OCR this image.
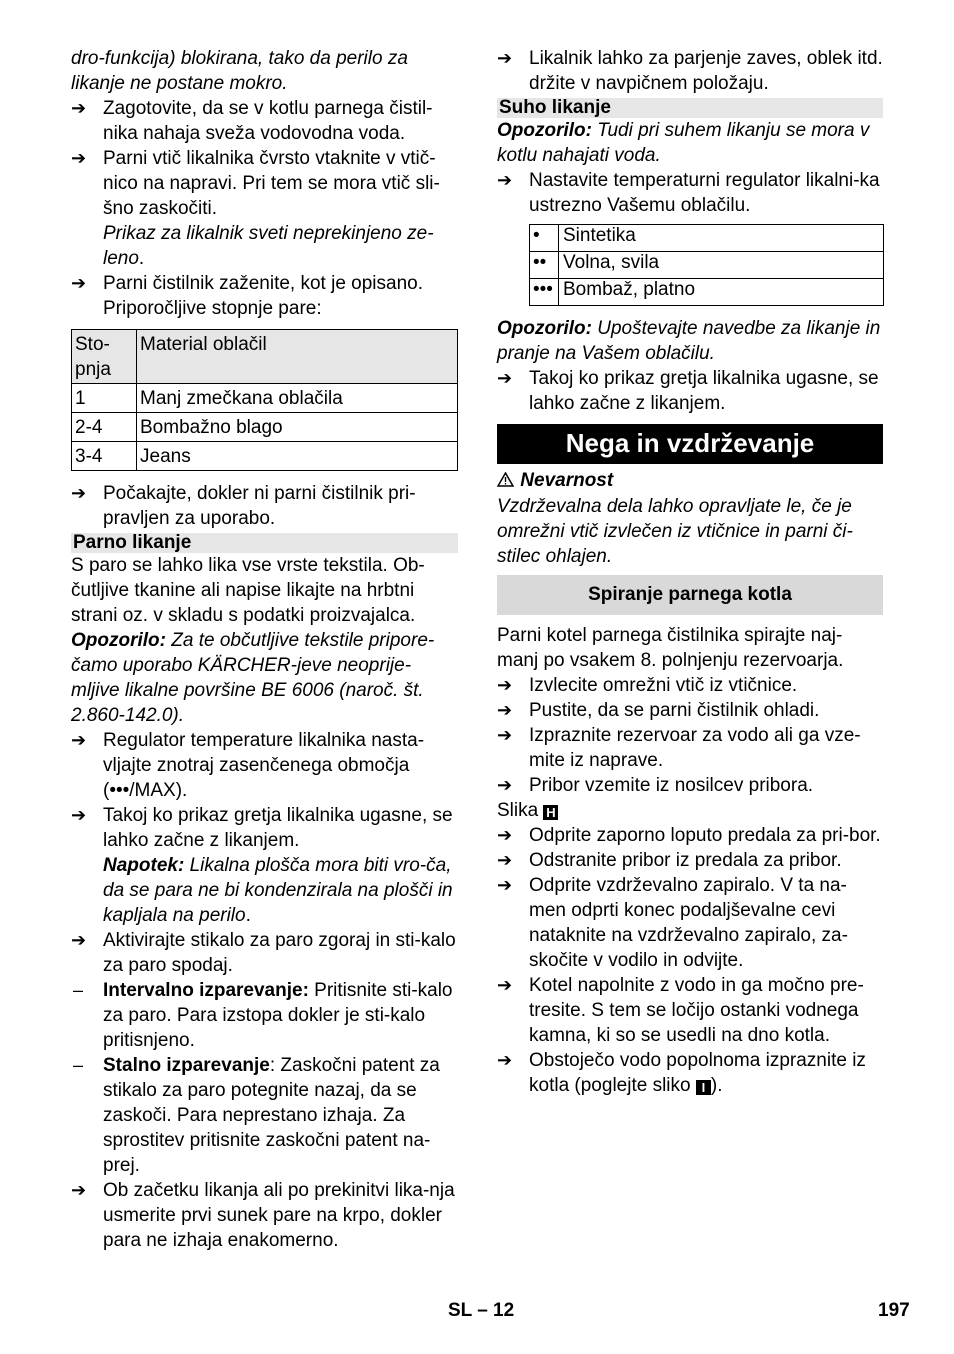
dro-funkcija) blokirana, tako da perilo za likanje ne postane mokro.

➔ Zagotovite, da se v kotlu parnega čistil-nika nahaja sveža vodovodna voda.
➔ Parni vtič likalnika čvrsto vtaknite v vtič-nico na napravi. Pri tem se mora vtič sli-šno zaskočiti.

Prikaz za likalnik sveti neprekinjeno ze-leno.

➔ Parni čistilnik zaženite, kot je opisano. Priporočljive stopnje pare:
Sto-pnja	Material oblačil
1	Manj zmečkana oblačila
2-4	Bombažno blago
3-4	Jeans
➔ Počakajte, dokler ni parni čistilnik pri-pravljen za uporabo.
Parno likanje

S paro se lahko lika vse vrste tekstila. Ob-čutljive tkanine ali napise likajte na hrbtni strani oz. v skladu s podatki proizvajalca.

Opozorilo: Za te občutljive tekstile pripore-čamo uporabo KÄRCHER-jeve neoprije-mljive likalne površine BE 6006 (naroč. št. 2.860-142.0).

➔ Regulator temperature likalnika nasta-vljajte znotraj zasenčenega območja (•••/MAX).
➔ Takoj ko prikaz gretja likalnika ugasne, se lahko začne z likanjem.

Napotek: Likalna plošča mora biti vro-ča, da se para ne bi kondenzirala na plošči in kapljala na perilo.

➔ Aktivirajte stikalo za paro zgoraj in sti-kalo za paro spodaj.
– Intervalno izparevanje: Pritisnite sti-kalo za paro. Para izstopa dokler je sti-kalo pritisnjeno.
– Stalno izparevanje: Zaskočni patent za stikalo za paro potegnite nazaj, da se zaskoči. Para neprestano izhaja. Za sprostitev pritisnite zaskočni patent na-prej.
➔ Ob začetku likanja ali po prekinitvi lika-nja usmerite prvi sunek pare na krpo, dokler para ne izhaja enakomerno.
➔ Likalnik lahko za parjenje zaves, oblek itd. držite v navpičnem položaju.
Suho likanje

Opozorilo: Tudi pri suhem likanju se mora v kotlu nahajati voda.

➔ Nastavite temperaturni regulator likalni-ka ustrezno Vašemu oblačilu.
•	Sintetika
••	Volna, svila
•••	Bombaž, platno

Opozorilo: Upoštevajte navedbe za likanje in pranje na Vašem oblačilu.

➔ Takoj ko prikaz gretja likalnika ugasne, se lahko začne z likanjem.
Nega in vzdrževanje

Nevarnost

Vzdrževalna dela lahko opravljate le, če je omrežni vtič izvlečen iz vtičnice in parni či-stilec ohlajen.

Spiranje parnega kotla

Parni kotel parnega čistilnika spirajte naj-manj po vsakem 8. polnjenju rezervoarja.

➔ Izvlecite omrežni vtič iz vtičnice.
➔ Pustite, da se parni čistilnik ohladi.
➔ Izpraznite rezervoar za vodo ali ga vze-mite iz naprave.
➔ Pribor vzemite iz nosilcev pribora.

Slika H

➔ Odprite zaporno loputo predala za pri-bor.
➔ Odstranite pribor iz predala za pribor.
➔ Odprite vzdrževalno zapiralo. V ta na-men odprti konec podaljševalne cevi nataknite na vzdrževalno zapiralo, za-skočite v vodilo in odvijte.
➔ Kotel napolnite z vodo in ga močno pre-tresite. S tem se ločijo ostanki vodnega kamna, ki so se usedli na dno kotla.
➔ Obstoječo vodo popolnoma izpraznite iz kotla (poglejte sliko I ).
SL – 12	197
